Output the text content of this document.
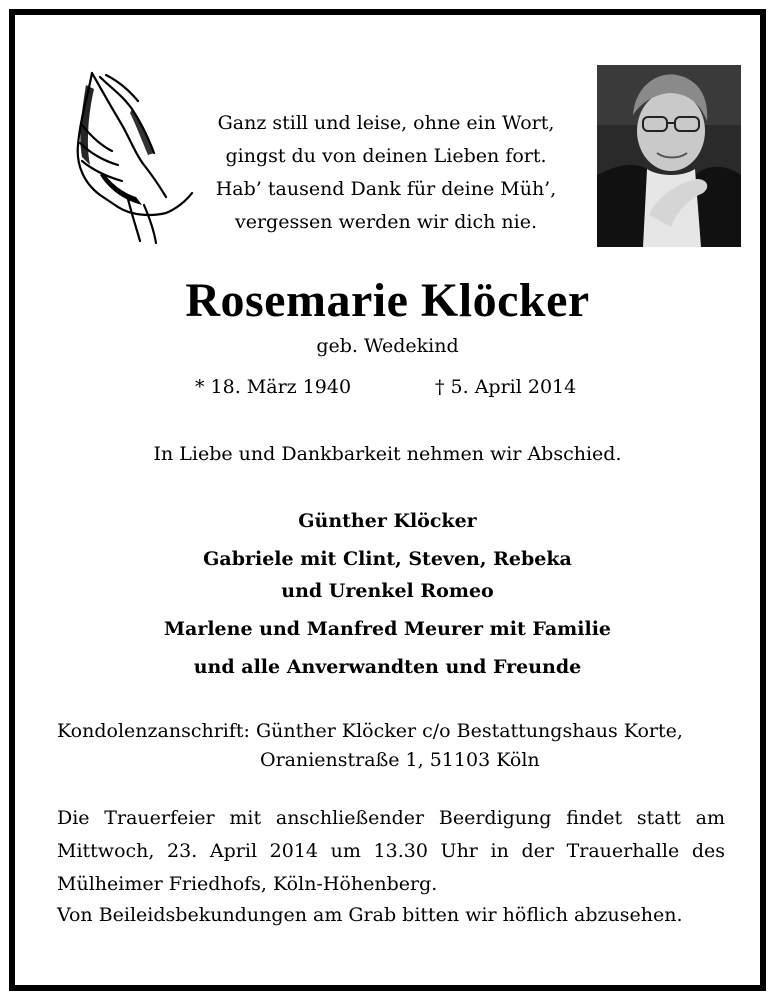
Ganz still und leise, ohne ein Wort,
gingst du von deinen Lieben fort.
Hab’ tausend Dank für deine Müh’,
vergessen werden wir dich nie.
Rosemarie Klöcker
geb. Wedekind
* 18. März 1940	† 5. April 2014
In Liebe und Dankbarkeit nehmen wir Abschied.
Günther Klöcker
Gabriele mit Clint, Steven, Rebeka
und Urenkel Romeo
Marlene und Manfred Meurer mit Familie
und alle Anverwandten und Freunde
Kondolenzanschrift: Günther Klöcker c/o Bestattungshaus Korte,
Oranienstraße 1, 51103 Köln
Die Trauerfeier mit anschließender Beerdigung findet statt am
Mittwoch, 23. April 2014 um 13.30 Uhr in der Trauerhalle des
Mülheimer Friedhofs, Köln-Höhenberg.
Von Beileidsbekundungen am Grab bitten wir höflich abzusehen.
